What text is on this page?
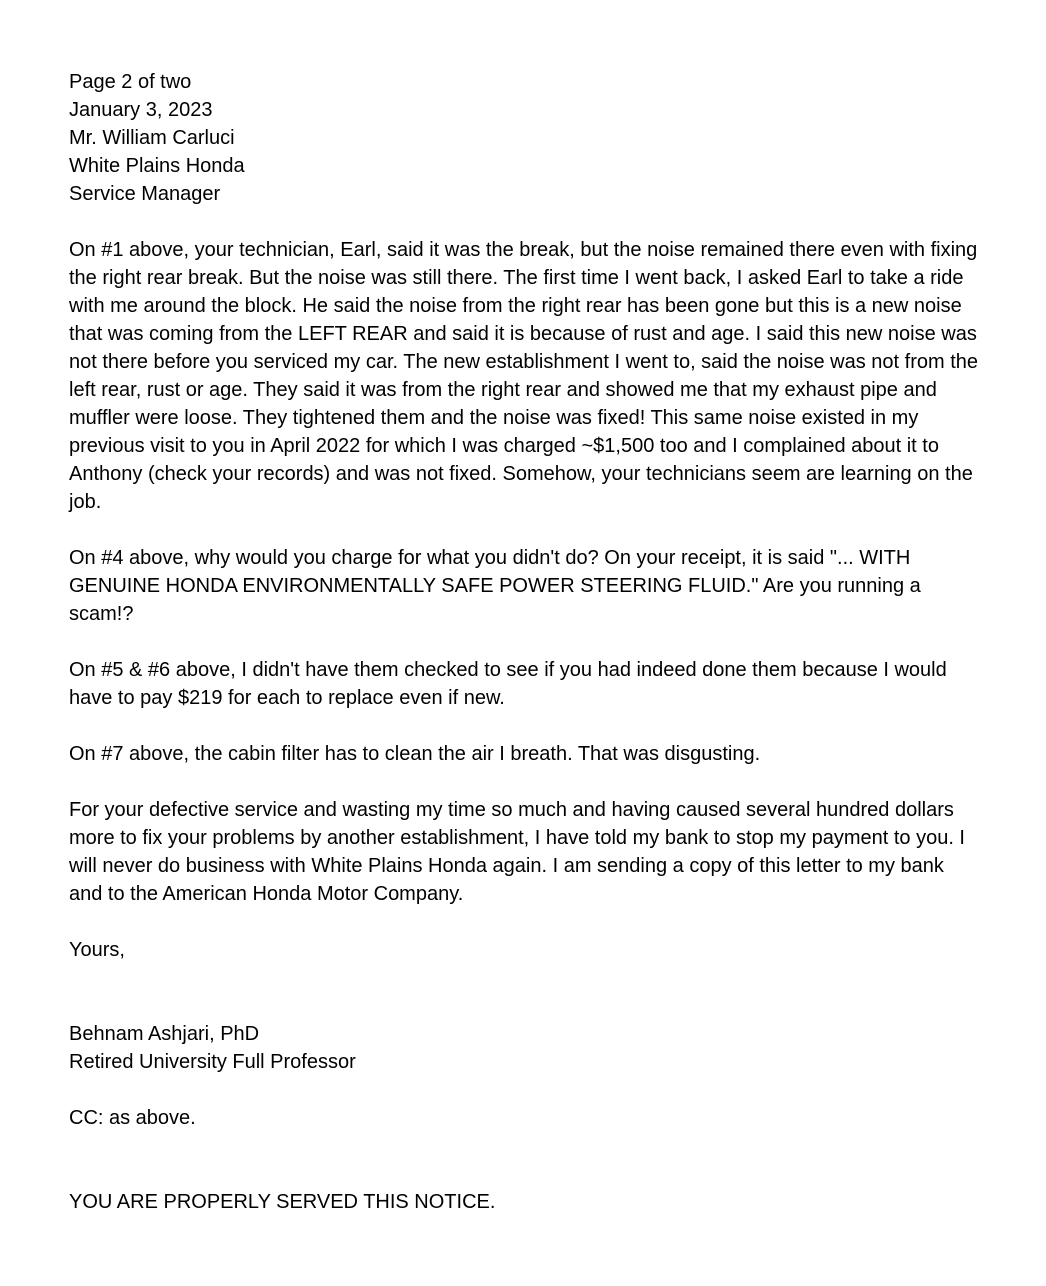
Page 2 of two
January 3, 2023
Mr. William Carluci
White Plains Honda
Service Manager

On #1 above, your technician, Earl, said it was the break, but the noise remained there even with fixing the right rear break. But the noise was still there. The first time I went back, I asked Earl to take a ride with me around the block. He said the noise from the right rear has been gone but this is a new noise that was coming from the LEFT REAR and said it is because of rust and age. I said this new noise was not there before you serviced my car. The new establishment I went to, said the noise was not from the left rear, rust or age. They said it was from the right rear and showed me that my exhaust pipe and muffler were loose. They tightened them and the noise was fixed! This same noise existed in my previous visit to you in April 2022 for which I was charged ~$1,500 too and I complained about it to Anthony (check your records) and was not fixed. Somehow, your technicians seem are learning on the job.

On #4 above, why would you charge for what you didn't do? On your receipt, it is said "... WITH GENUINE HONDA ENVIRONMENTALLY SAFE POWER STEERING FLUID." Are you running a scam!?

On #5 & #6 above, I didn't have them checked to see if you had indeed done them because I would have to pay $219 for each to replace even if new.

On #7 above, the cabin filter has to clean the air I breath. That was disgusting.

For your defective service and wasting my time so much and having caused several hundred dollars more to fix your problems by another establishment, I have told my bank to stop my payment to you. I will never do business with White Plains Honda again. I am sending a copy of this letter to my bank and to the American Honda Motor Company.

Yours,
Behnam Ashjari, PhD
Retired University Full Professor
CC: as above.
YOU ARE PROPERLY SERVED THIS NOTICE.
